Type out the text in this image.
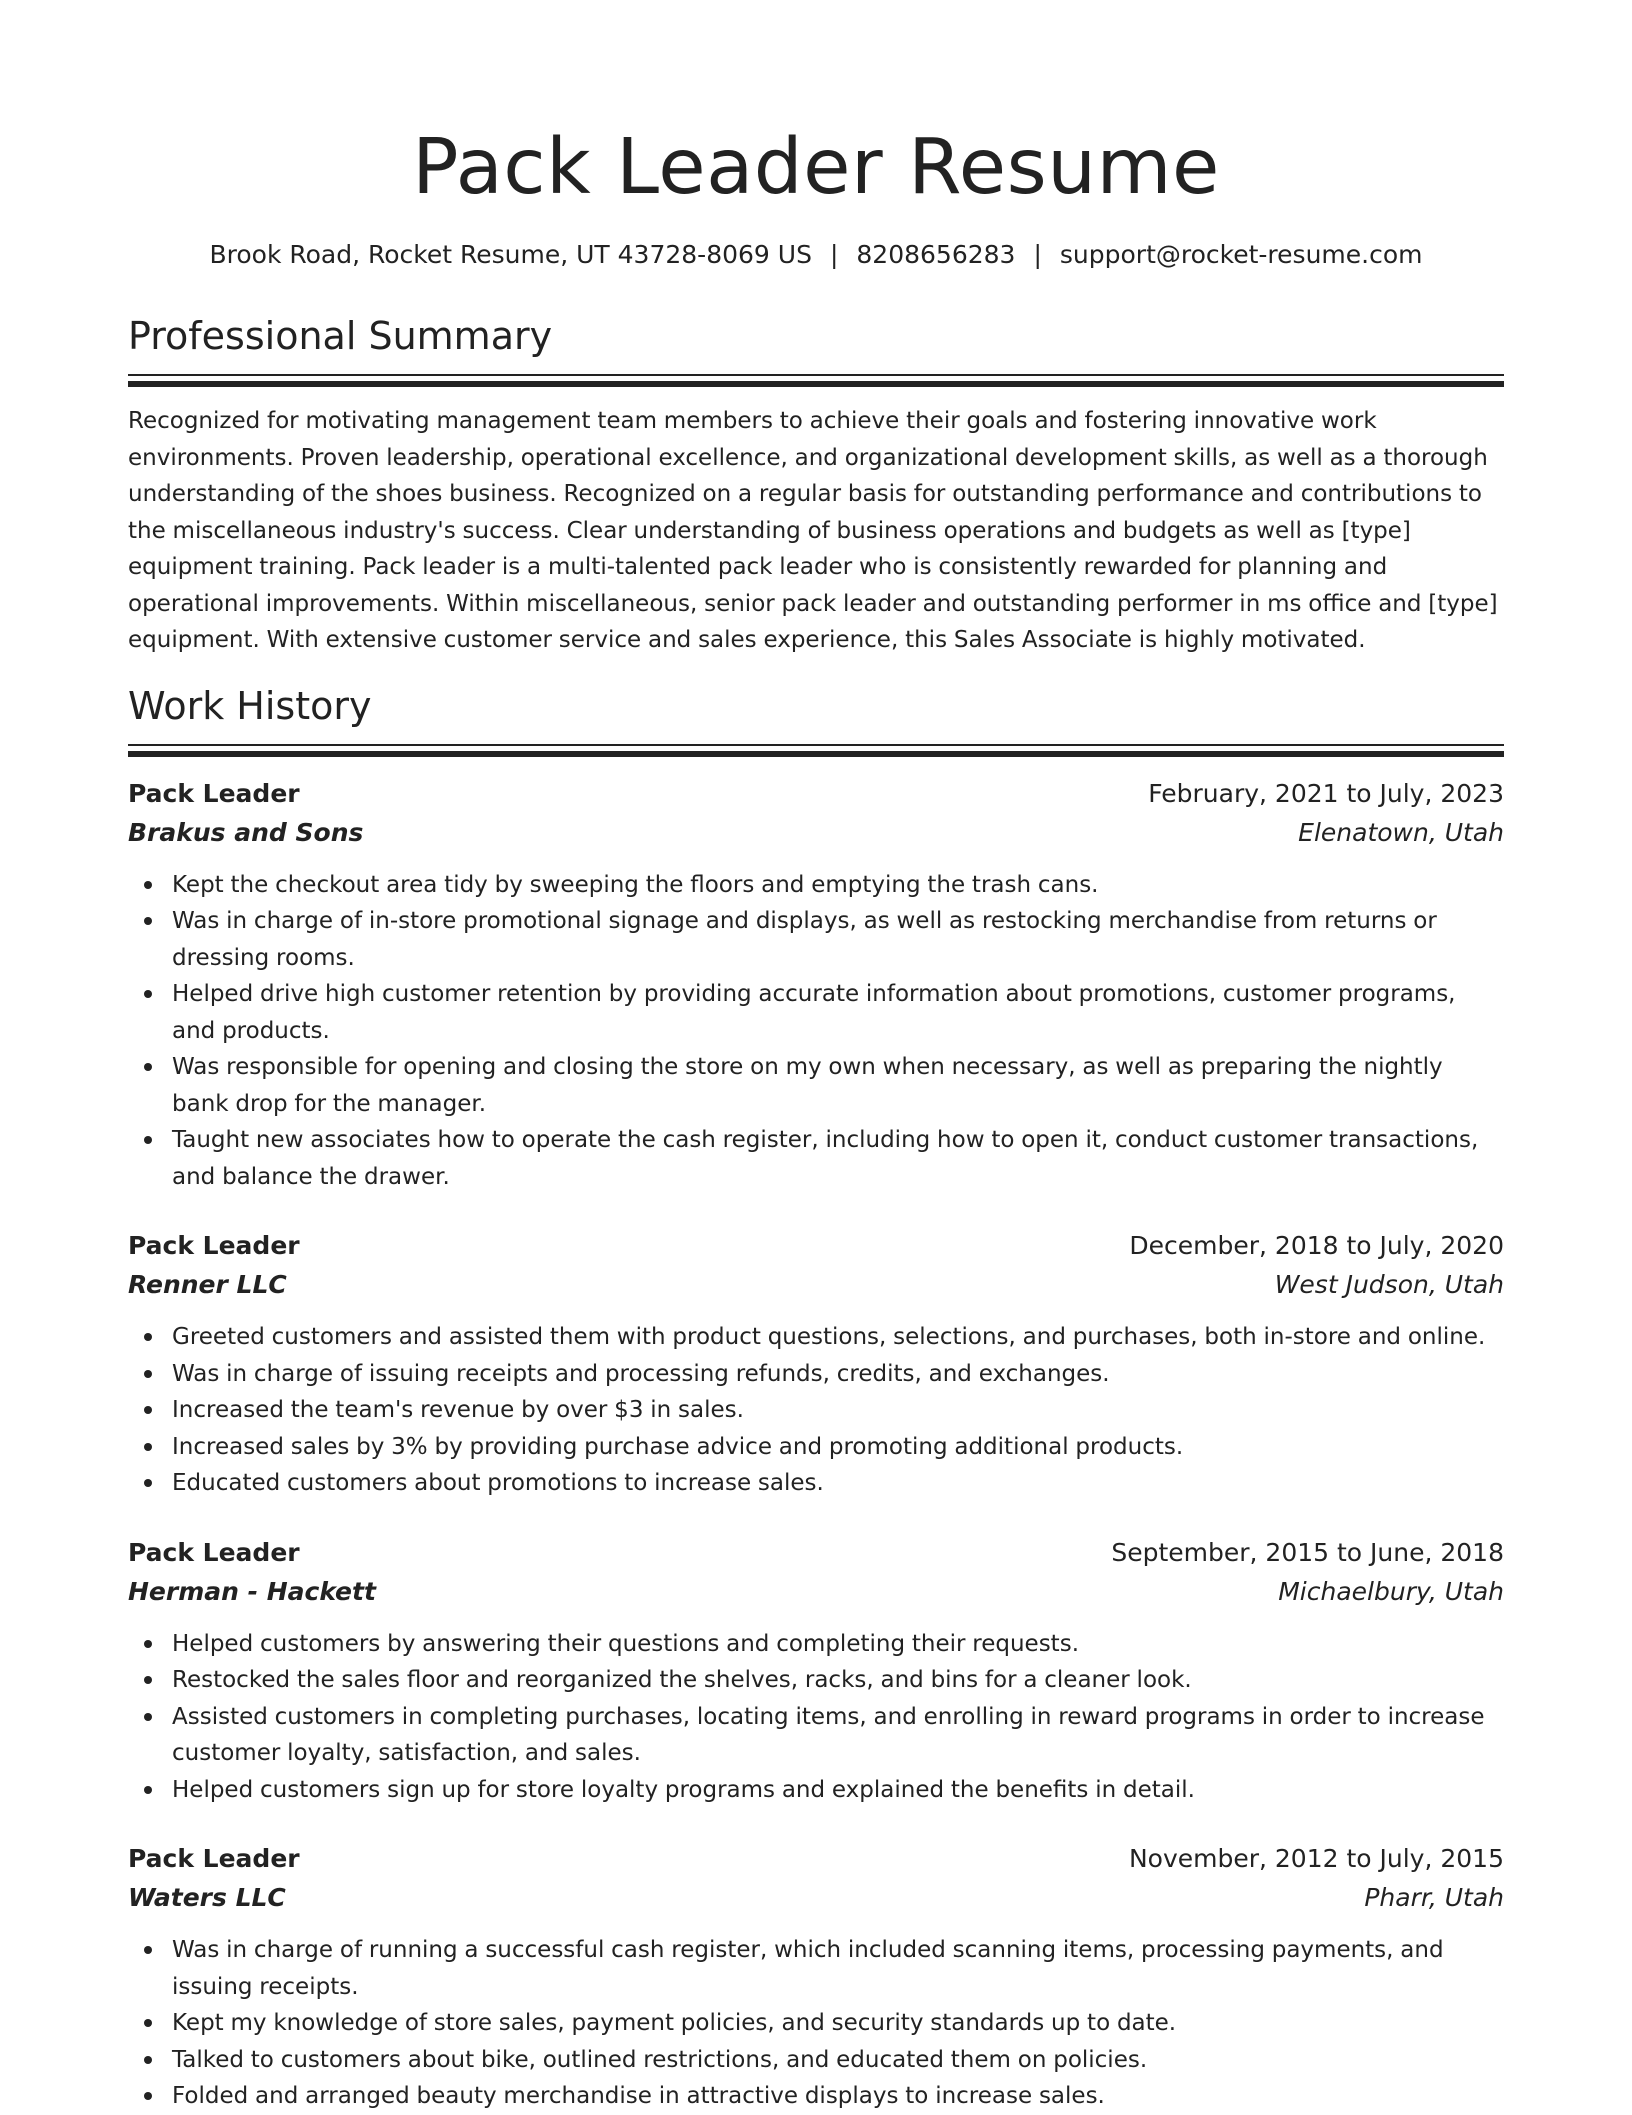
Pack Leader Resume
Brook Road, Rocket Resume, UT 43728-8069 US | 8208656283 | support@rocket-resume.com
Professional Summary

Recognized for motivating management team members to achieve their goals and fostering innovative work environments. Proven leadership, operational excellence, and organizational development skills, as well as a thorough understanding of the shoes business. Recognized on a regular basis for outstanding performance and contributions to the miscellaneous industry's success. Clear understanding of business operations and budgets as well as [type] equipment training. Pack leader is a multi-talented pack leader who is consistently rewarded for planning and operational improvements. Within miscellaneous, senior pack leader and outstanding performer in ms office and [type] equipment. With extensive customer service and sales experience, this Sales Associate is highly motivated.

Work History
Pack Leader	February, 2021 to July, 2023
Brakus and Sons	Elenatown, Utah
Kept the checkout area tidy by sweeping the floors and emptying the trash cans.
Was in charge of in-store promotional signage and displays, as well as restocking merchandise from returns or dressing rooms.
Helped drive high customer retention by providing accurate information about promotions, customer programs, and products.
Was responsible for opening and closing the store on my own when necessary, as well as preparing the nightly bank drop for the manager.
Taught new associates how to operate the cash register, including how to open it, conduct customer transactions, and balance the drawer.
Pack Leader	December, 2018 to July, 2020
Renner LLC	West Judson, Utah
Greeted customers and assisted them with product questions, selections, and purchases, both in-store and online.
Was in charge of issuing receipts and processing refunds, credits, and exchanges.
Increased the team's revenue by over $3 in sales.
Increased sales by 3% by providing purchase advice and promoting additional products.
Educated customers about promotions to increase sales.
Pack Leader	September, 2015 to June, 2018
Herman - Hackett	Michaelbury, Utah
Helped customers by answering their questions and completing their requests.
Restocked the sales floor and reorganized the shelves, racks, and bins for a cleaner look.
Assisted customers in completing purchases, locating items, and enrolling in reward programs in order to increase customer loyalty, satisfaction, and sales.
Helped customers sign up for store loyalty programs and explained the benefits in detail.
Pack Leader	November, 2012 to July, 2015
Waters LLC	Pharr, Utah
Was in charge of running a successful cash register, which included scanning items, processing payments, and issuing receipts.
Kept my knowledge of store sales, payment policies, and security standards up to date.
Talked to customers about bike, outlined restrictions, and educated them on policies.
Folded and arranged beauty merchandise in attractive displays to increase sales.
